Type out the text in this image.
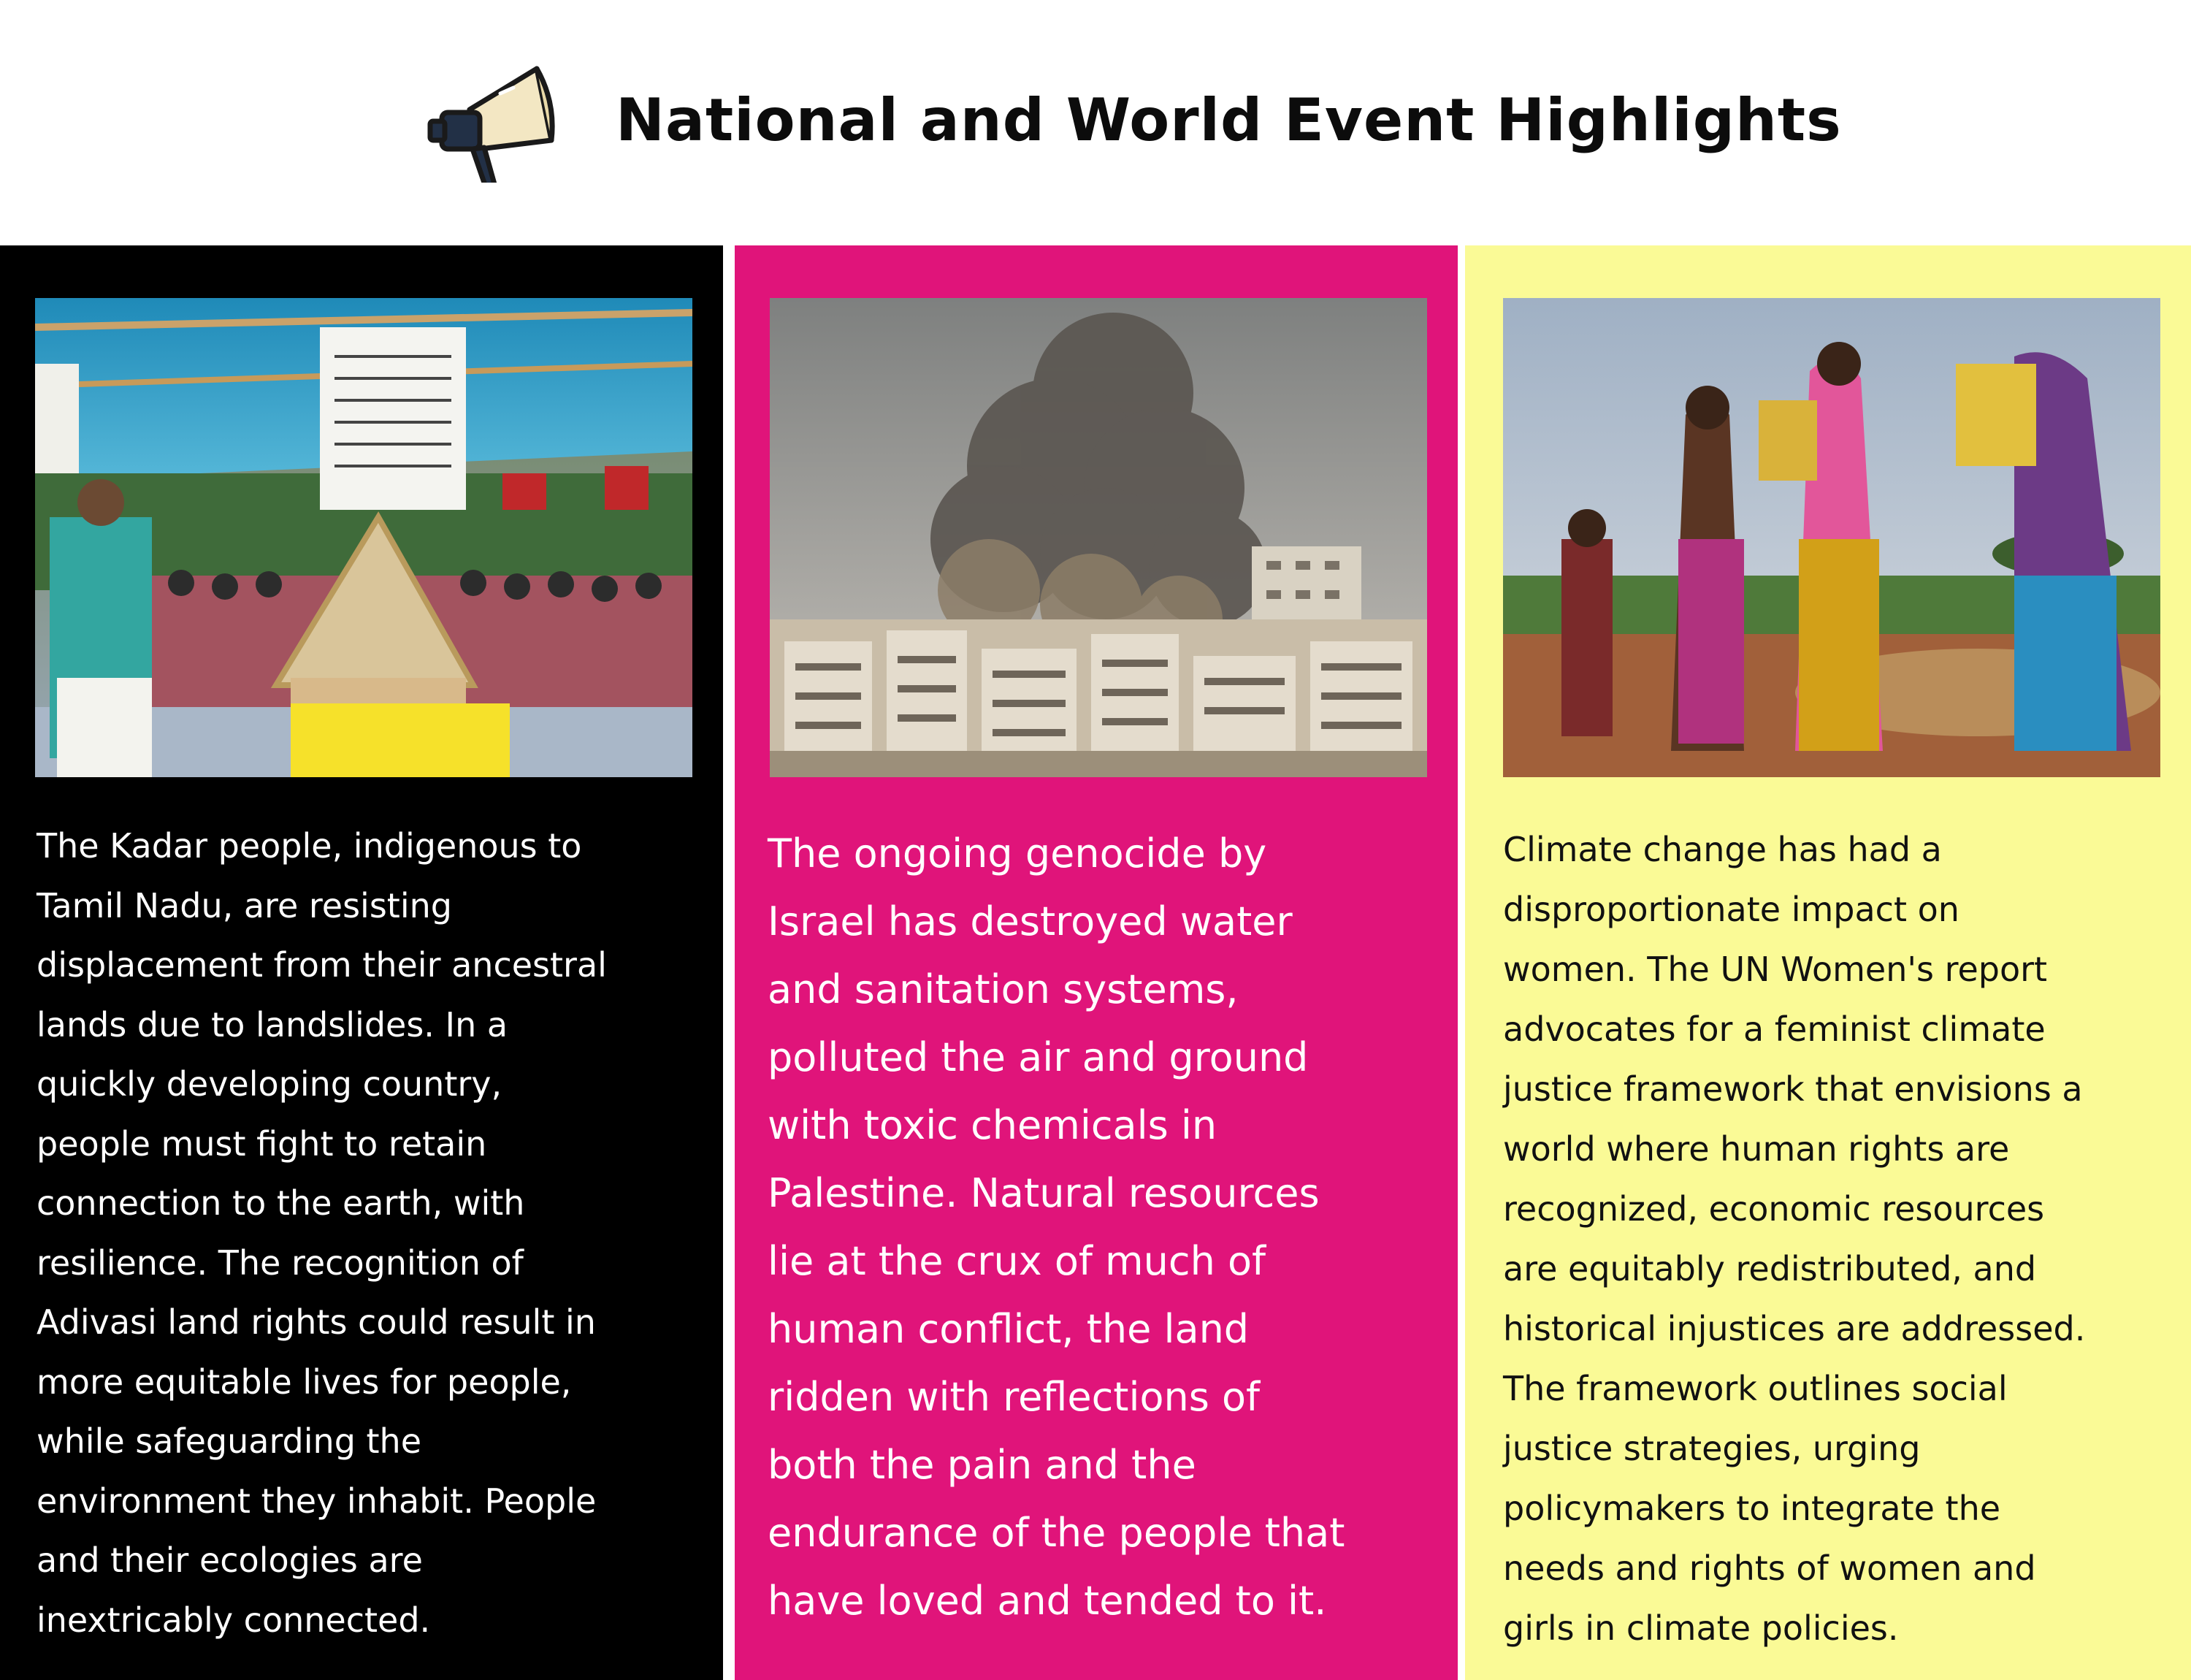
National and World Event Highlights

The Kadar people, indigenous to
Tamil Nadu, are resisting
displacement from their ancestral
lands due to landslides. In a
quickly developing country,
people must fight to retain
connection to the earth, with
resilience. The recognition of
Adivasi land rights could result in
more equitable lives for people,
while safeguarding the
environment they inhabit. People
and their ecologies are
inextricably connected.

The ongoing genocide by
Israel has destroyed water
and sanitation systems,
polluted the air and ground
with toxic chemicals in
Palestine. Natural resources
lie at the crux of much of
human conflict, the land
ridden with reflections of
both the pain and the
endurance of the people that
have loved and tended to it.

Climate change has had a
disproportionate impact on
women. The UN Women's report
advocates for a feminist climate
justice framework that envisions a
world where human rights are
recognized, economic resources
are equitably redistributed, and
historical injustices are addressed.
The framework outlines social
justice strategies, urging
policymakers to integrate the
needs and rights of women and
girls in climate policies.
